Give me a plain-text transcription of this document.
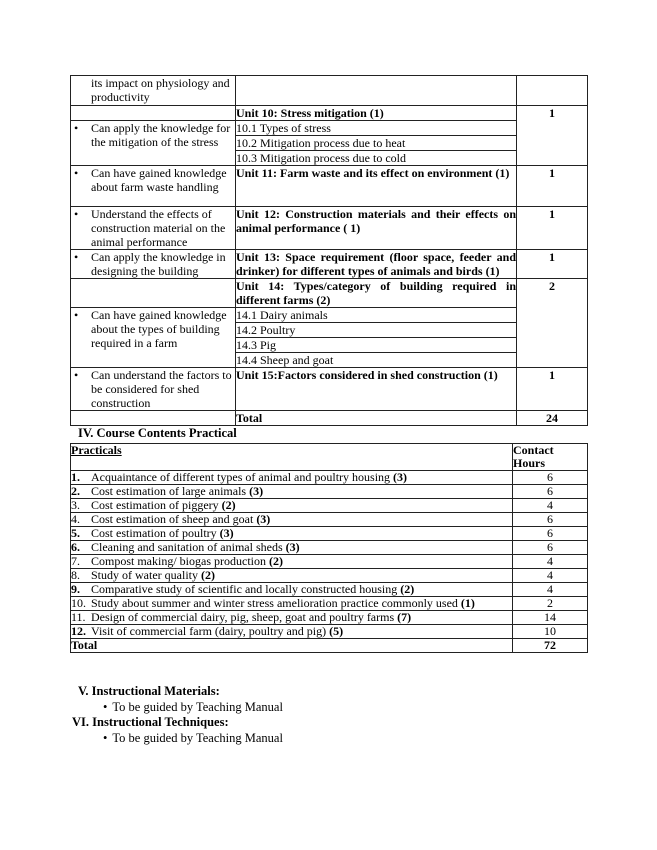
its impact on physiology and productivity		

	Unit 10: Stress mitigation (1)	1

•
Can apply the knowledge for the mitigation of the stress	10.1 Types of stress	
	10.2 Mitigation process due to heat	
	10.3 Mitigation process due to cold	

•
Can have gained knowledge about farm waste handling	Unit 11: Farm waste and its effect on environment (1)	1

•
Understand the effects of construction material on the animal performance	Unit 12: Construction materials and their effects on animal performance ( 1)	1

•
Can apply the knowledge in designing the building	Unit 13: Space requirement (floor space, feeder and drinker) for different types of animals and birds (1)	1
	Unit 14: Types/category of building required in different farms (2)	2

•
Can have gained knowledge about the types of building required in a farm	14.1 Dairy animals	
	14.2 Poultry	
	14.3 Pig	
	14.4 Sheep and goat	

•
Can understand the factors to be considered for shed construction	Unit 15:Factors considered in shed construction (1)	1
	Total	24
IV. Course Contents Practical
Practicals	Contact Hours
1. Acquaintance of different types of animal and poultry housing (3)	6
2. Cost estimation of large animals (3)	6
3. Cost estimation of piggery (2)	4
4. Cost estimation of sheep and goat (3)	6
5. Cost estimation of poultry (3)	6
6. Cleaning and sanitation of animal sheds (3)	6
7. Compost making/ biogas production (2)	4
8. Study of water quality (2)	4
9. Comparative study of scientific and locally constructed housing (2)	4
10. Study about summer and winter stress amelioration practice commonly used (1)	2
11. Design of commercial dairy, pig, sheep, goat and poultry farms (7)	14
12. Visit of commercial farm (dairy, poultry and pig) (5)	10
Total	72
V. Instructional Materials:
• To be guided by Teaching Manual
VI. Instructional Techniques:
• To be guided by Teaching Manual
